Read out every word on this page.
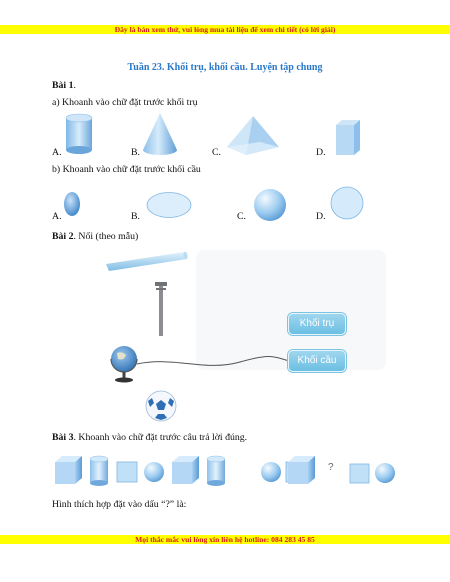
Đây là bản xem thử, vui lòng mua tài liệu để xem chi tiết (có lời giải)
Tuần 23. Khối trụ, khối cầu. Luyện tập chung
Bài 1.
a) Khoanh vào chữ đặt trước khối trụ
A.	B.	C.	D.
b) Khoanh vào chữ đặt trước khối cầu
A.	B.	C.	D.
Bài 2. Nối (theo mẫu)
Khối trụ
Khối cầu
Bài 3. Khoanh vào chữ đặt trước câu trả lời đúng.
?
Hình thích hợp đặt vào dấu “?” là:
Mọi thắc mắc vui lòng xin liên hệ hotline: 084 283 45 85
